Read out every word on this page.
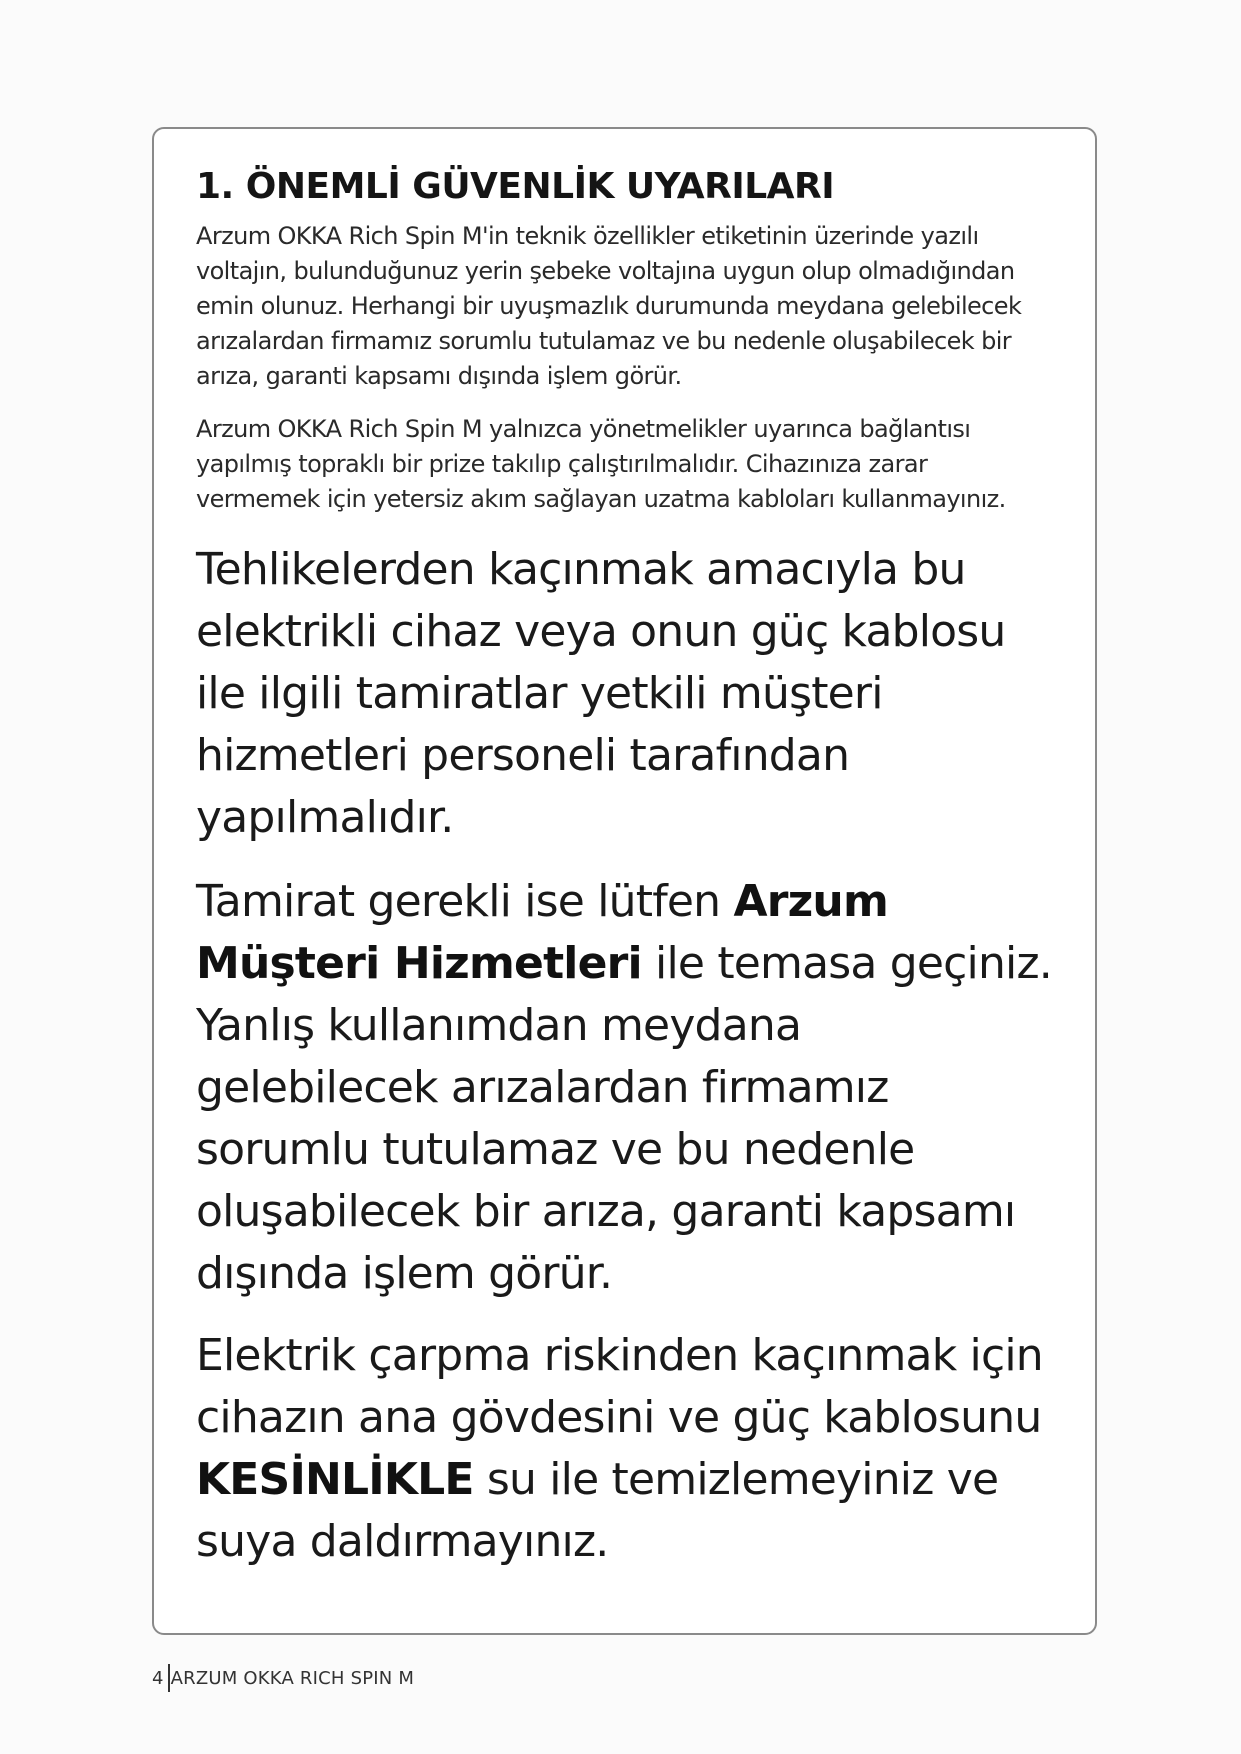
1. ÖNEMLİ GÜVENLİK UYARILARI

Arzum OKKA Rich Spin M'in teknik özellikler etiketinin üzerinde yazılı voltajın, bulunduğunuz yerin şebeke voltajına uygun olup olmadığından emin olunuz. Herhangi bir uyuşmazlık durumunda meydana gelebilecek arızalardan firmamız sorumlu tutulamaz ve bu nedenle oluşabilecek bir arıza, garanti kapsamı dışında işlem görür.

Arzum OKKA Rich Spin M yalnızca yönetmelikler uyarınca bağlantısı yapılmış topraklı bir prize takılıp çalıştırılmalıdır. Cihazınıza zarar vermemek için yetersiz akım sağlayan uzatma kabloları kullanmayınız.

Tehlikelerden kaçınmak amacıyla bu elektrikli cihaz veya onun güç kablosu ile ilgili tamiratlar yetkili müşteri hizmetleri personeli tarafından yapılmalıdır.

Tamirat gerekli ise lütfen Arzum Müşteri Hizmetleri ile temasa geçiniz. Yanlış kullanımdan meydana gelebilecek arızalardan firmamız sorumlu tutulamaz ve bu nedenle oluşabilecek bir arıza, garanti kapsamı dışında işlem görür.

Elektrik çarpma riskinden kaçınmak için cihazın ana gövdesini ve güç kablosunu KESİNLİKLE su ile temizlemeyiniz ve suya daldırmayınız.

4 ARZUM OKKA RICH SPIN M
